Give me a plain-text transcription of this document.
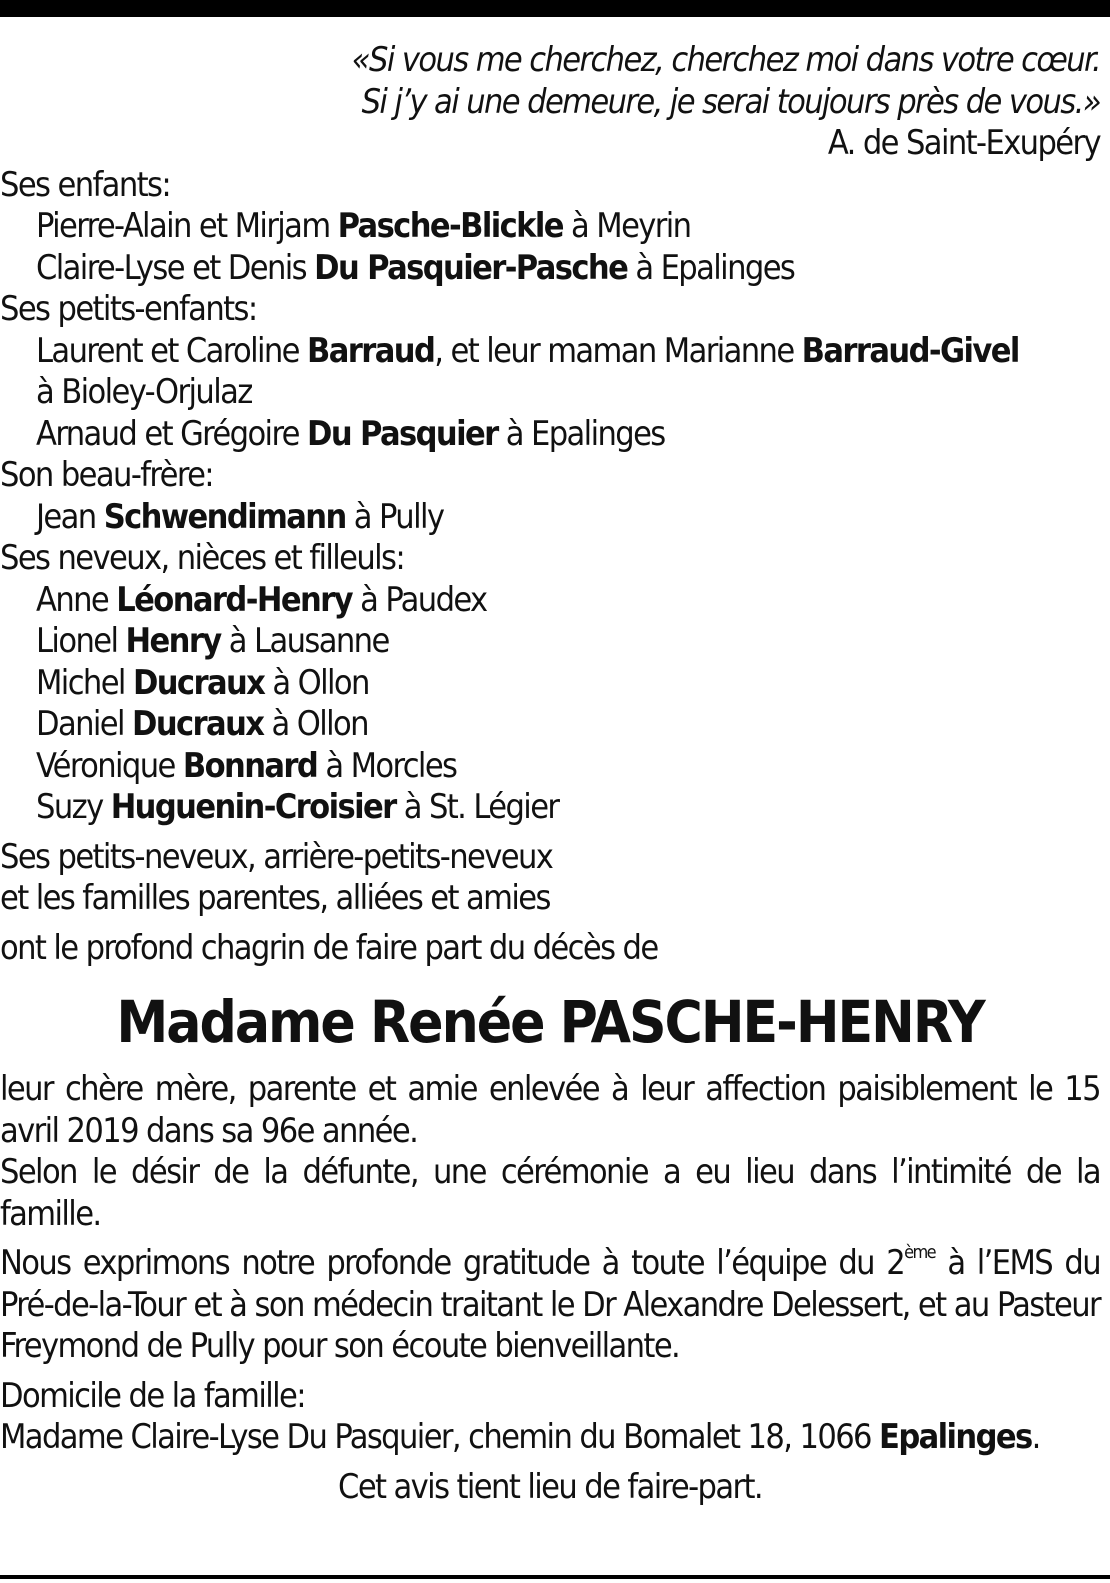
«Si vous me cherchez, cherchez moi dans votre cœur.
Si j’y ai une demeure, je serai toujours près de vous.»
A. de Saint-Exupéry
Ses enfants:
Pierre-Alain et Mirjam Pasche-Blickle à Meyrin
Claire-Lyse et Denis Du Pasquier-Pasche à Epalinges
Ses petits-enfants:
Laurent et Caroline Barraud, et leur maman Marianne Barraud-Givel
à Bioley-Orjulaz
Arnaud et Grégoire Du Pasquier à Epalinges
Son beau-frère:
Jean Schwendimann à Pully
Ses neveux, nièces et filleuls:
Anne Léonard-Henry à Paudex
Lionel Henry à Lausanne
Michel Ducraux à Ollon
Daniel Ducraux à Ollon
Véronique Bonnard à Morcles
Suzy Huguenin-Croisier à St. Légier
Ses petits-neveux, arrière-petits-neveux
et les familles parentes, alliées et amies
ont le profond chagrin de faire part du décès de
Madame Renée PASCHE-HENRY
leur chère mère, parente et amie enlevée à leur affection paisiblement le 15 avril 2019 dans sa 96e année.
Selon le désir de la défunte, une cérémonie a eu lieu dans l’intimité de la famille.
Nous exprimons notre profonde gratitude à toute l’équipe du 2ème à l’EMS du Pré-de-la-Tour et à son médecin traitant le Dr Alexandre Delessert, et au Pasteur Freymond de Pully pour son écoute bienveillante.
Domicile de la famille:
Madame Claire-Lyse Du Pasquier, chemin du Bomalet 18, 1066 Epalinges.
Cet avis tient lieu de faire-part.
